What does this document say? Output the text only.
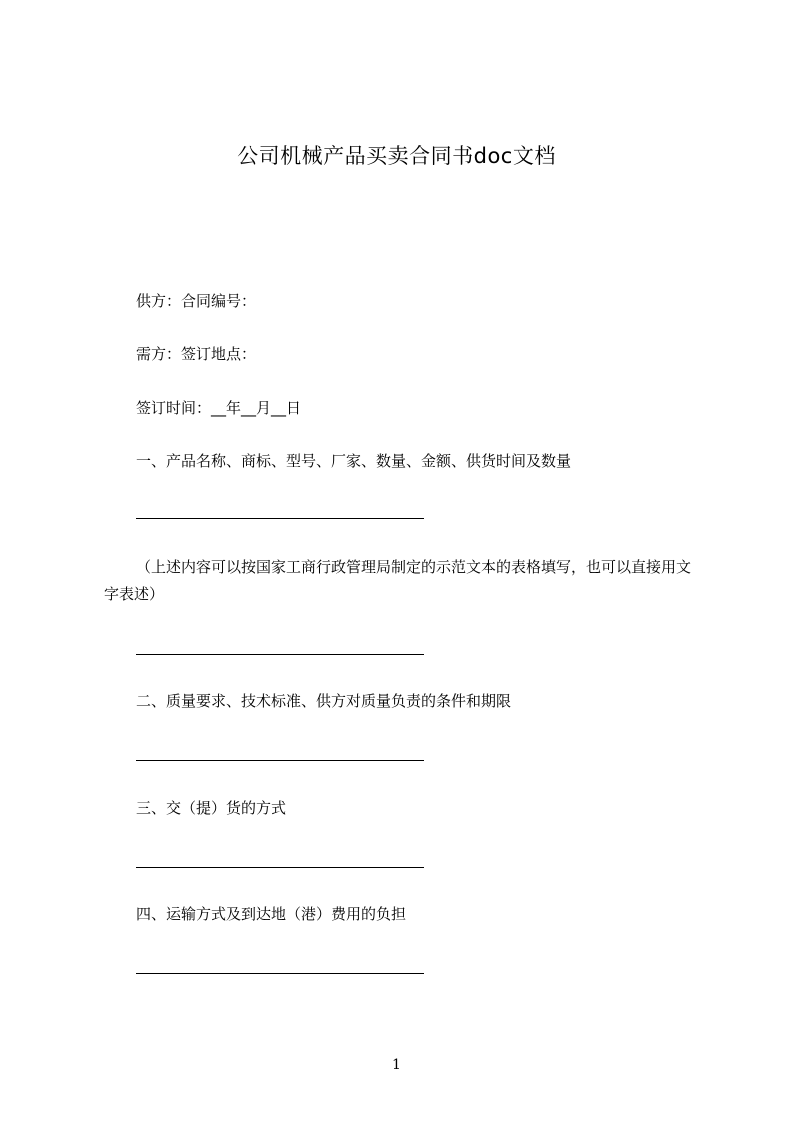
公司机械产品买卖合同书doc文档
供方：合同编号：
需方：签订地点：
签订时间：__年__月__日
一、产品名称、商标、型号、厂家、数量、金额、供货时间及数量
（上述内容可以按国家工商行政管理局制定的示范文本的表格填写，也可以直接用文字表述）
二、质量要求、技术标准、供方对质量负责的条件和期限
三、交（提）货的方式
四、运输方式及到达地（港）费用的负担
1
